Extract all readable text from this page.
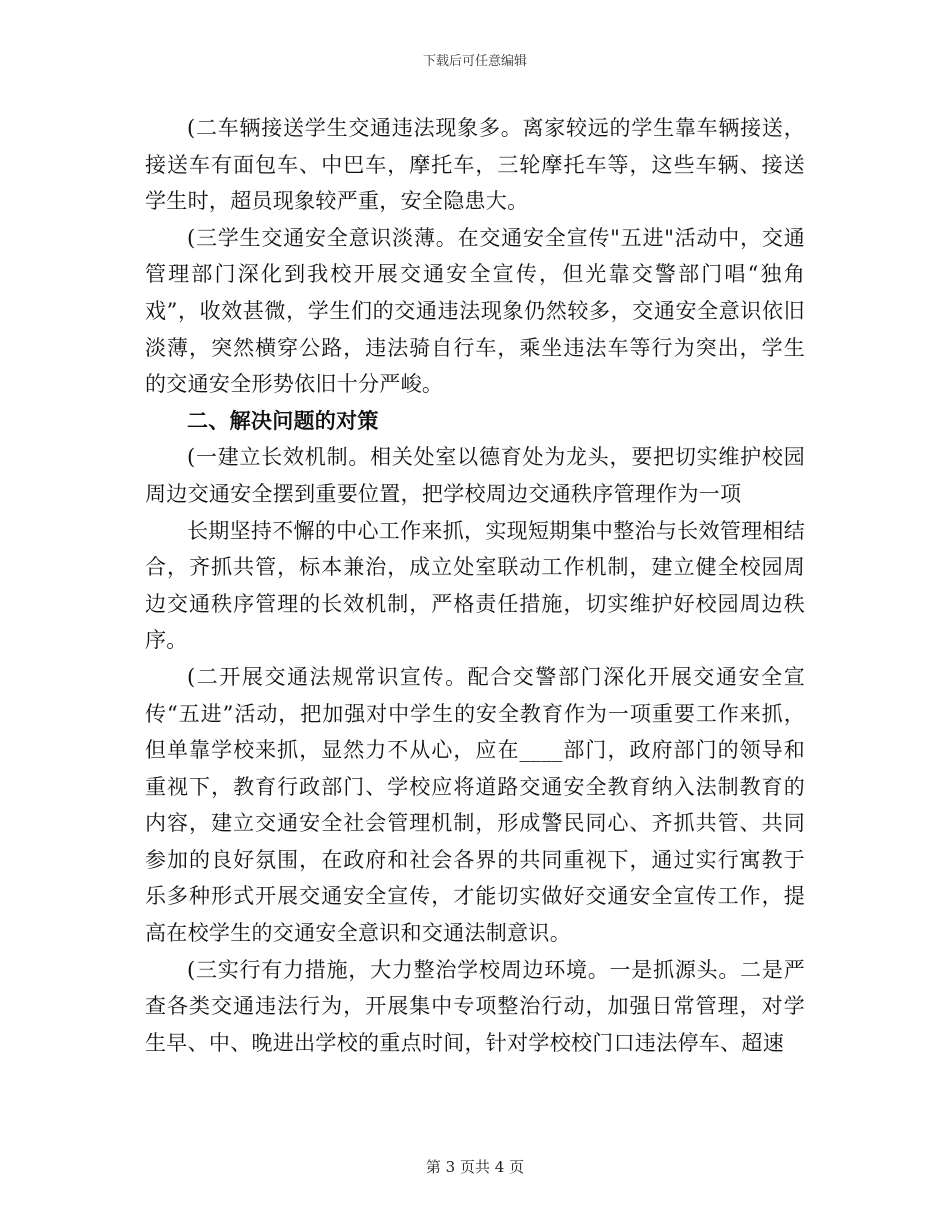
下载后可任意编辑

(二车辆接送学生交通违法现象多。离家较远的学生靠车辆接送，接送车有面包车、中巴车，摩托车，三轮摩托车等，这些车辆、接送学生时，超员现象较严重，安全隐患大。

(三学生交通安全意识淡薄。在交通安全宣传"五进"活动中，交通管理部门深化到我校开展交通安全宣传，但光靠交警部门唱“独角戏”，收效甚微，学生们的交通违法现象仍然较多，交通安全意识依旧淡薄，突然横穿公路，违法骑自行车，乘坐违法车等行为突出，学生的交通安全形势依旧十分严峻。

二、解决问题的对策

(一建立长效机制。相关处室以德育处为龙头，要把切实维护校园周边交通安全摆到重要位置，把学校周边交通秩序管理作为一项

长期坚持不懈的中心工作来抓，实现短期集中整治与长效管理相结合，齐抓共管，标本兼治，成立处室联动工作机制，建立健全校园周边交通秩序管理的长效机制，严格责任措施，切实维护好校园周边秩序。

(二开展交通法规常识宣传。配合交警部门深化开展交通安全宣传“五进”活动，把加强对中学生的安全教育作为一项重要工作来抓，但单靠学校来抓，显然力不从心，应在____部门，政府部门的领导和重视下，教育行政部门、学校应将道路交通安全教育纳入法制教育的内容，建立交通安全社会管理机制，形成警民同心、齐抓共管、共同参加的良好氛围，在政府和社会各界的共同重视下，通过实行寓教于乐多种形式开展交通安全宣传，才能切实做好交通安全宣传工作，提高在校学生的交通安全意识和交通法制意识。

(三实行有力措施，大力整治学校周边环境。一是抓源头。二是严查各类交通违法行为，开展集中专项整治行动，加强日常管理，对学生早、中、晚进出学校的重点时间，针对学校校门口违法停车、超速

第 3 页共 4 页
